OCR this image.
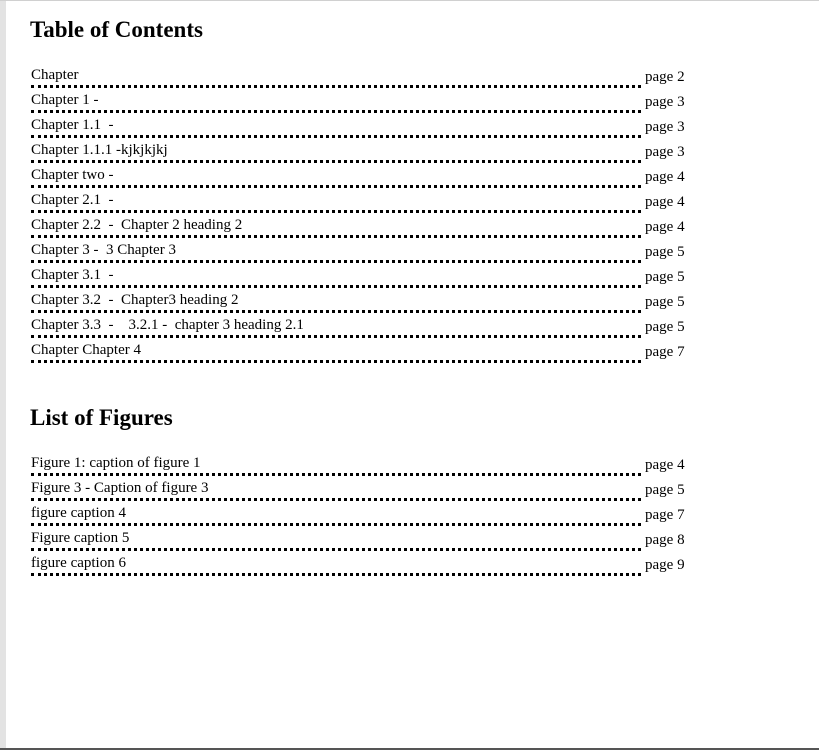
Table of Contents
Chapter	page 2
Chapter 1 -	page 3
Chapter 1.1  -	page 3
Chapter 1.1.1 -kjkjkjkj	page 3
Chapter two -	page 4
Chapter 2.1  -	page 4
Chapter 2.2  -  Chapter 2 heading 2	page 4
Chapter 3 -  3 Chapter 3	page 5
Chapter 3.1  -	page 5
Chapter 3.2  -  Chapter3 heading 2	page 5
Chapter 3.3  -    3.2.1 -  chapter 3 heading 2.1	page 5
Chapter Chapter 4	page 7
List of Figures
Figure 1: caption of figure 1	page 4
Figure 3 - Caption of figure 3	page 5
figure caption 4	page 7
Figure caption 5	page 8
figure caption 6	page 9
